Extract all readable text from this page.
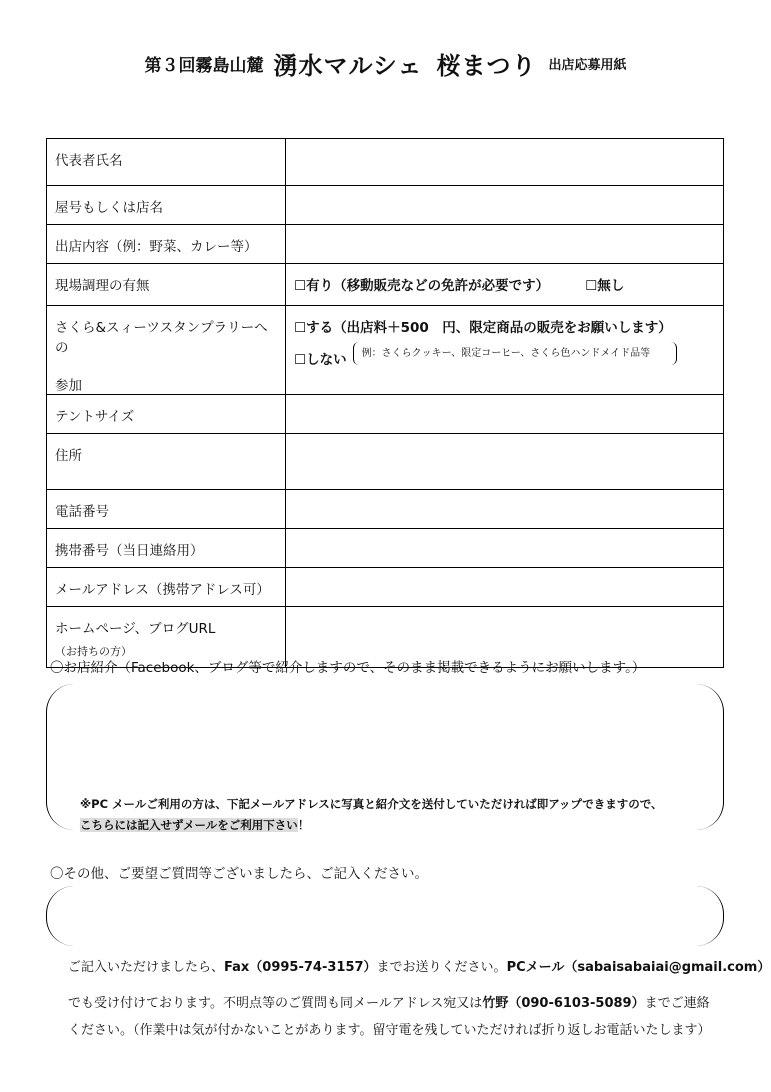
第３回霧島山麓 湧水マルシェ 桜まつり 出店応募用紙
代表者氏名	

屋号もしくは店名	

出店内容（例：野菜、カレー等）	

現場調理の有無	☐有り（移動販売などの免許が必要です） ☐無し

さくら&スィーツスタンプラリーへの
参加	☐する（出店料＋500　円、限定商品の販売をお願いします）
☐しない 例：さくらクッキー、限定コーヒー、さくら色ハンドメイド品等

テントサイズ	

住所	

電話番号	

携帯番号（当日連絡用）	

メールアドレス（携帯アドレス可）	

ホームページ、ブログURL
（お持ちの方）	

〇お店紹介（Facebook、ブログ等で紹介しますので、そのまま掲載できるようにお願いします。）
※PC メールご利用の方は、下記メールアドレスに写真と紹介文を送付していただければ即アップできますので、
こちらには記入せずメールをご利用下さい！
〇その他、ご要望ご質問等ございましたら、ご記入ください。
ご記入いただけましたら、Fax（0995-74-3157）までお送りください。PCメール（sabaisabaiai@gmail.com）
でも受け付けております。不明点等のご質問も同メールアドレス宛又は竹野（090-6103-5089）までご連絡
ください。（作業中は気が付かないことがあります。留守電を残していただければ折り返しお電話いたします）
